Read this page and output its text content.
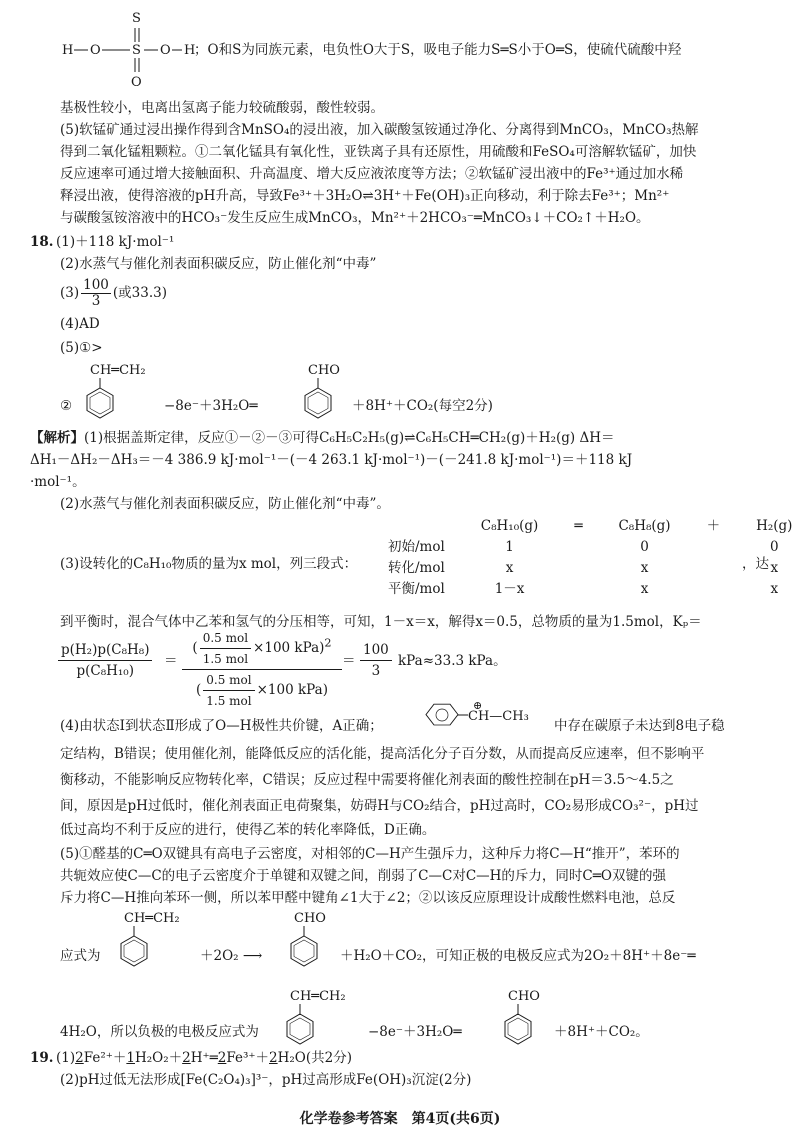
S
H O S O H
O
；O和S为同族元素，电负性O大于S，吸电子能力S═S小于O═S，使硫代硫酸中羟
基极性较小，电离出氢离子能力较硫酸弱，酸性较弱。
(5)软锰矿通过浸出操作得到含MnSO₄的浸出液，加入碳酸氢铵通过净化、分离得到MnCO₃，MnCO₃热解
得到二氧化锰粗颗粒。①二氧化锰具有氧化性，亚铁离子具有还原性，用硫酸和FeSO₄可溶解软锰矿，加快
反应速率可通过增大接触面积、升高温度、增大反应液浓度等方法；②软锰矿浸出液中的Fe³⁺通过加水稀
释浸出液，使得溶液的pH升高，导致Fe³⁺＋3H₂O⇌3H⁺＋Fe(OH)₃正向移动，利于除去Fe³⁺；Mn²⁺
与碳酸氢铵溶液中的HCO₃⁻发生反应生成MnCO₃，Mn²⁺＋2HCO₃⁻═MnCO₃↓＋CO₂↑＋H₂O。
18. (1)＋118 kJ·mol⁻¹
(2)水蒸气与催化剂表面积碳反应，防止催化剂“中毒”
$(3) \frac{100}{3}$ (或33.3)
(4)AD
(5)①>
②
CH═CH₂
−8e⁻＋3H₂O═
CHO
＋8H⁺＋CO₂(每空2分)
【解析】(1)根据盖斯定律，反应①－②－③可得C₆H₅C₂H₅(g)⇌C₆H₅CH═CH₂(g)＋H₂(g) ΔH＝
ΔH₁－ΔH₂－ΔH₃＝－4 386.9 kJ·mol⁻¹－(－4 263.1 kJ·mol⁻¹)－(－241.8 kJ·mol⁻¹)＝＋118 kJ
·mol⁻¹。
(2)水蒸气与催化剂表面积碳反应，防止催化剂“中毒”。
(3)设转化的C₈H₁₀物质的量为x mol，列三段式：
	C₈H₁₀(g)	═	C₈H₈(g)	＋	H₂(g)
初始/mol	1		0		0
转化/mol	x		x		x
平衡/mol	1－x		x		x
，达
到平衡时，混合气体中乙苯和氢气的分压相等，可知，1－x＝x，解得x＝0.5，总物质的量为1.5mol，Kₚ＝
$\frac{\text{p(H₂)p(C₈H₈)}}{\text{p(C₈H₁₀)}}$ ＝
( $\frac{\text{0.5 mol}}{\text{1.5 mol}} \times 100$ kPa)$^2$
( $\frac{\text{0.5 mol}}{\text{1.5 mol}} \times 100$ kPa)
＝ $\frac{100}{3} kPa\approx 33.3$ kPa。
(4)由状态Ⅰ到状态Ⅱ形成了O—H极性共价键，A正确；
⊕
CH—CH₃
中存在碳原子未达到8电子稳
定结构，B错误；使用催化剂，能降低反应的活化能，提高活化分子百分数，从而提高反应速率，但不影响平
衡移动，不能影响反应物转化率，C错误；反应过程中需要将催化剂表面的酸性控制在pH＝3.5～4.5之
间，原因是pH过低时，催化剂表面正电荷聚集，妨碍H与CO₂结合，pH过高时，CO₂易形成CO₃²⁻，pH过
低过高均不利于反应的进行，使得乙苯的转化率降低，D正确。
(5)①醛基的C═O双键具有高电子云密度，对相邻的C—H产生强斥力，这种斥力将C—H“推开”，苯环的
共轭效应使C—C的电子云密度介于单键和双键之间，削弱了C—C对C—H的斥力，同时C═O双键的强
斥力将C—H推向苯环一侧，所以苯甲醛中键角∠1大于∠2；②以该反应原理设计成酸性燃料电池，总反
应式为
CH═CH₂
＋2O₂ ⟶
CHO
＋H₂O＋CO₂，可知正极的电极反应式为2O₂＋8H⁺＋8e⁻═
4H₂O，所以负极的电极反应式为
CH═CH₂
−8e⁻＋3H₂O═
CHO
＋8H⁺＋CO₂。
19. (1)2Fe²⁺＋1H₂O₂＋2H⁺═2Fe³⁺＋2H₂O(共2分)
(2)pH过低无法形成[Fe(C₂O₄)₃]³⁻，pH过高形成Fe(OH)₃沉淀(2分)
化学卷参考答案　第4页(共6页)
